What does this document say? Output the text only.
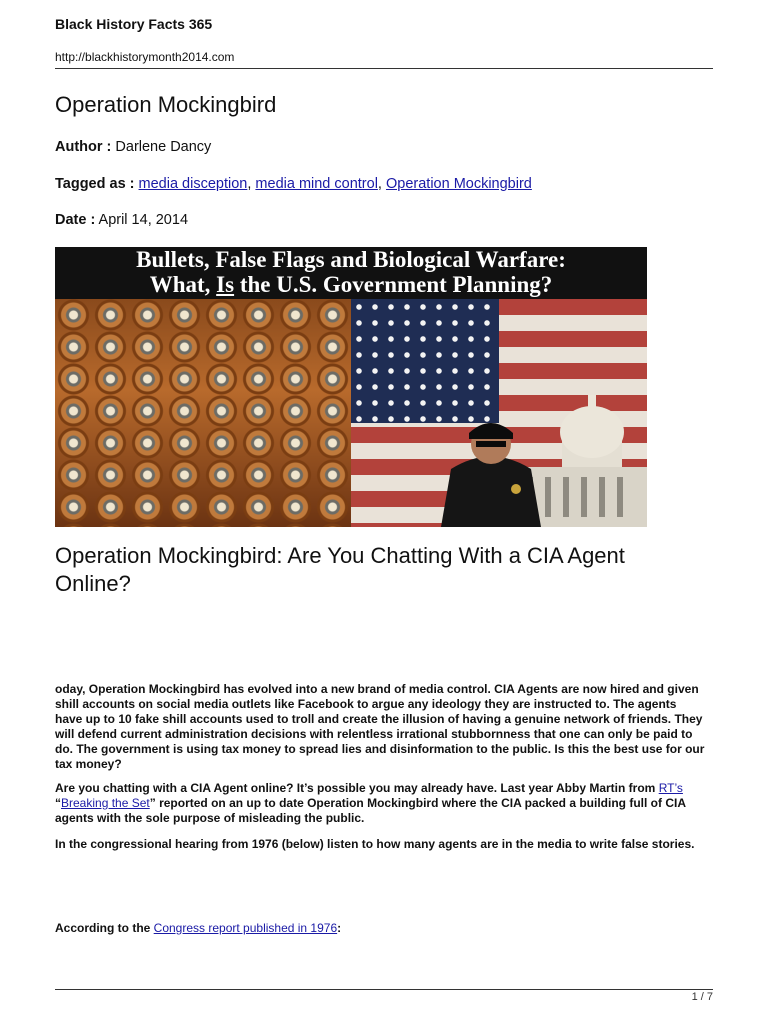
Black History Facts 365
http://blackhistorymonth2014.com
Operation Mockingbird
Author : Darlene Dancy
Tagged as : media disception, media mind control, Operation Mockingbird
Date : April 14, 2014
Bullets, False Flags and Biological Warfare:
What, Is the U.S. Government Planning?
Operation Mockingbird: Are You Chatting With a CIA Agent Online?

oday, Operation Mockingbird has evolved into a new brand of media control. CIA Agents are now hired and given shill accounts on social media outlets like Facebook to argue any ideology they are instructed to. The agents have up to 10 fake shill accounts used to troll and create the illusion of having a genuine network of friends. They will defend current administration decisions with relentless irrational stubbornness that one can only be paid to do. The government is using tax money to spread lies and disinformation to the public. Is this the best use for our tax money?

Are you chatting with a CIA Agent online? It’s possible you may already have. Last year Abby Martin from RT’s “Breaking the Set” reported on an up to date Operation Mockingbird where the CIA packed a building full of CIA agents with the sole purpose of misleading the public.

In the congressional hearing from 1976 (below) listen to how many agents are in the media to write false stories.

According to the Congress report published in 1976:

1 / 7
